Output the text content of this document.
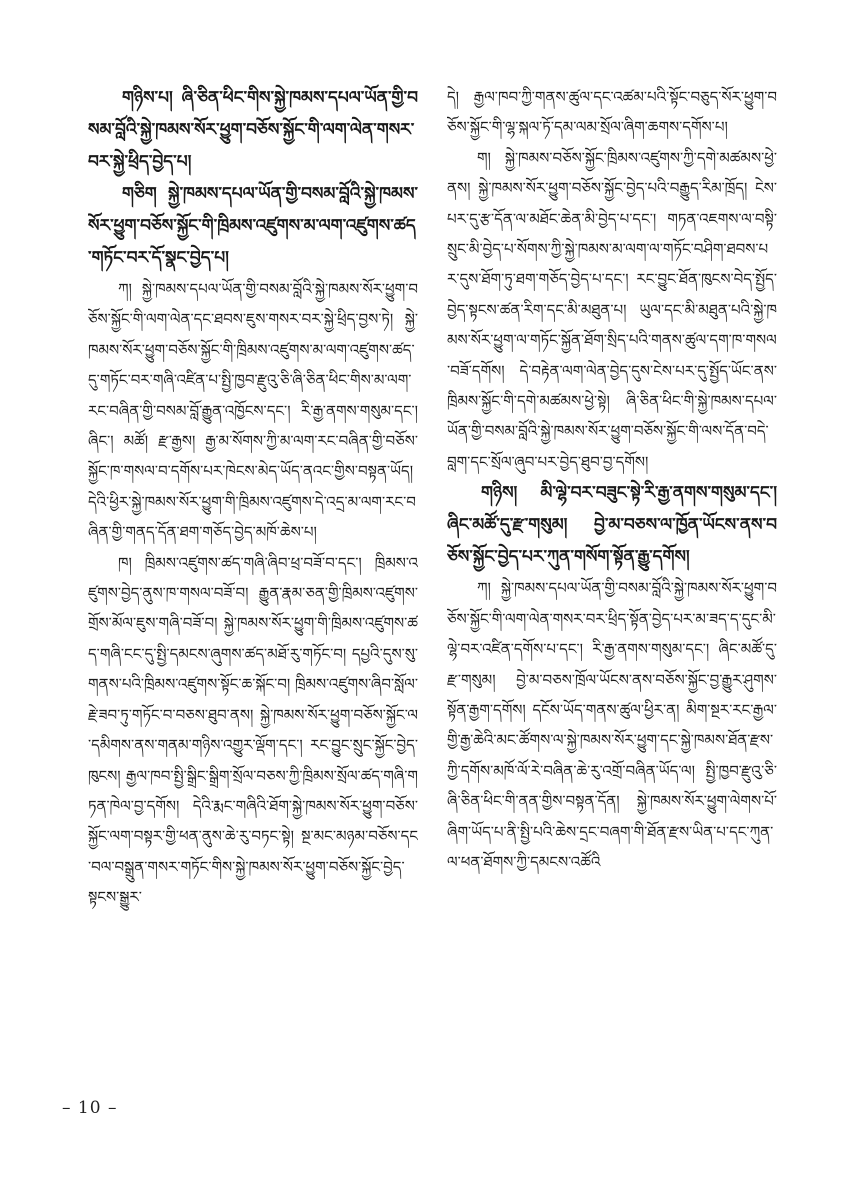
གཉིས་པ། ཞི་ཅིན་ཕིང་གིས་སྐྱེ་ཁམས་དཔལ་ཡོན་གྱི་བསམ་བློའི་སྐྱེ་ཁམས་སོར་ཕྱུག་བཅོས་སྐྱོང་གི་ལག་ལེན་གསར་བར་སྐྱེ་ཕྲིད་བྱེད་པ།

གཅིག སྐྱེ་ཁམས་དཔལ་ཡོན་གྱི་བསམ་བློའི་སྐྱེ་ཁམས་སོར་ཕྱུག་བཅོས་སྐྱོང་གི་ཁྲིམས་འཛུགས་མ་ལག་འཛུགས་ཚད་གཏོང་བར་དོ་སྣང་བྱེད་པ།

ཀ། སྐྱེ་ཁམས་དཔལ་ཡོན་གྱི་བསམ་བློའི་སྐྱེ་ཁམས་སོར་ཕྱུག་བཅོས་སྐྱོང་གི་ལག་ལེན་དང་ཐབས་ཇུས་གསར་བར་སྐྱེ་ཕྲིད་བྱས་ཏེ། སྐྱེ་ཁམས་སོར་ཕྱུག་བཅོས་སྐྱོང་གི་ཁྲིམས་འཛུགས་མ་ལག་འཛུགས་ཚད་དུ་གཏོང་བར་གཞི་འཛིན་པ་སྤྱི་ཁྱབ་རྫུའུ་ཅི་ཞི་ཅིན་ཕིང་གིས་མ་ལག་རང་བཞིན་གྱི་བསམ་བློ་རྒྱུན་འཁྱོངས་དང་། རི་རྒྱ་ནགས་གསུམ་དང་། ཞིང་། མཚོ། རྫ་རྒྱས། རྒྱ་མ་སོགས་ཀྱི་མ་ལག་རང་བཞིན་གྱི་བཅོས་སྐྱོང་ཁ་གསལ་བ་དགོས་པར་ཁེངས་མེད་ཡོད་ནའང་གྱིས་བསྟན་ཡོད། དེའི་ཕྱིར་སྐྱེ་ཁམས་སོར་ཕྱུག་གི་ཁྲིམས་འཛུགས་དེ་འདྲ་མ་ལག་རང་བཞིན་གྱི་གནད་དོན་ཐག་གཅོད་བྱེད་མཁོ་ཆེས་པ།

ཁ། ཁྲིམས་འཛུགས་ཚད་གཞི་ཞིབ་ཕྲ་བཟོ་བ་དང་། ཁྲིམས་འཛུགས་བྱེད་ནུས་ཁ་གསལ་བཟོ་བ། རྒྱུན་རྣམ་ཅན་གྱི་ཁྲིམས་འཛུགས་གྲོས་མོལ་ཇུས་གཞི་བཟོ་བ། སྐྱེ་ཁམས་སོར་ཕྱུག་གི་ཁྲིམས་འཛུགས་ཚད་གཞི་ངང་དུ་སྤྱི་དམངས་ཞུགས་ཚད་མཐོ་རུ་གཏོང་བ། དཔྱའི་དུས་སུ་གནས་པའི་ཁྲིམས་འཛུགས་སྟོང་ཆ་སྐོང་བ། ཁྲིམས་འཛུགས་ཞིབ་སློལ་རྗེ་ཟབ་ཏུ་གཏོང་བ་བཅས་ཐུབ་ནས། སྐྱེ་ཁམས་སོར་ཕྱུག་བཅོས་སྐྱོང་ལ་དམིགས་ནས་གནམ་གཉིས་འགྱུར་ལྡོག་དང་། རང་བྱུང་སྲུང་སྐྱོང་བྱེད་ཁུངས། རྒྱལ་ཁབ་སྤྱི་སྒྲིང་སྒྲིག་སྲོལ་བཅས་ཀྱི་ཁྲིམས་སྲོལ་ཚད་གཞི་གཏན་ཁེལ་བྱ་དགོས། དེའི་རྨང་གཞིའི་ཐོག་སྐྱེ་ཁམས་སོར་ཕྱུག་བཅོས་སྐྱོང་ལག་བསྟར་གྱི་ཕན་ནུས་ཆེ་རུ་བཏང་སྟེ། སྔ་མང་མཉམ་བཅོས་དང་བལ་བསྒྲུན་གསར་གཏོང་གིས་སྐྱེ་ཁམས་སོར་ཕྱུག་བཅོས་སྐྱོང་བྱེད་སྟངས་སྒྱུར་

དེ། རྒྱལ་ཁབ་ཀྱི་གནས་ཚུལ་དང་འཚམ་པའི་སྟོང་བཅུད་སོར་ཕྱུག་བཅོས་སྐྱོང་གི་ལྷ་སྐལ་ཏོ་དམ་ལམ་སྲོལ་ཞིག་ཆགས་དགོས་པ།

ག། སྐྱེ་ཁམས་བཅོས་སྐྱོང་ཁྲིམས་འཛུགས་ཀྱི་དགེ་མཚམས་ཕྱེ་ནས། སྐྱེ་ཁམས་སོར་ཕྱུག་བཅོས་སྐྱོང་བྱེད་པའི་བརྒྱུད་རིམ་ཁྲོད། ངེས་པར་དུ་རྩ་དོན་ལ་མཐོང་ཆེན་མི་བྱེད་པ་དང་། གཏན་འཇགས་ལ་བསྟི་སྲུང་མི་བྱེད་པ་སོགས་ཀྱི་སྐྱེ་ཁམས་མ་ལག་ལ་གཏོང་བཤིག་ཐབས་པར་དུས་ཐོག་ཏུ་ཐག་གཅོད་བྱེད་པ་དང་། རང་བྱུང་ཐོན་ཁུངས་བེད་སྤྱོད་བྱེད་སྟངས་ཚན་རིག་དང་མི་མཐུན་པ། ཡུལ་དང་མི་མཐུན་པའི་སྐྱེ་ཁམས་སོར་ཕྱུག་ལ་གཏོང་སྐྱོན་ཐོག་སྲིད་པའི་གནས་ཚུལ་དག་ཁ་གསལ་བཟོ་དགོས། དེ་བརྟེན་ལག་ལེན་བྱེད་དུས་ངེས་པར་དུ་སྤྱོད་ཡོང་ནས་ཁྲིམས་སྐྱོང་གི་དགེ་མཚམས་ཕྱེ་སྟེ། ཞི་ཅིན་ཕིང་གི་སྐྱེ་ཁམས་དཔལ་ཡོན་གྱི་བསམ་བློའི་སྐྱེ་ཁམས་སོར་ཕྱུག་བཅོས་སྐྱོང་གི་ལས་དོན་བདེ་བླག་དང་སྲོལ་ཞུབ་པར་བྱེད་ཐུབ་བྱ་དགོས།

གཉིས། མི་ལྷེ་བར་བཟུང་སྟེ་རི་རྒྱ་ནགས་གསུམ་དང་། ཞིང་མཚོ་དུ་རྫ་གསུམ། བྱེ་མ་བཅས་ལ་ཁྱོན་ཡོངས་ནས་བཅོས་སྐྱོང་བྱེད་པར་ཀུན་གསོག་སྟོན་རྒྱུ་དགོས།

ཀ། སྐྱེ་ཁམས་དཔལ་ཡོན་གྱི་བསམ་བློའི་སྐྱེ་ཁམས་སོར་ཕྱུག་བཅོས་སྐྱོང་གི་ལག་ལེན་གསར་བར་ཕྲིད་སྟོན་བྱེད་པར་མ་ཟད་ད་དུང་མི་ལྷེ་བར་འཛིན་དགོས་པ་དང་། རི་རྒྱ་ནགས་གསུམ་དང་། ཞིང་མཚོ་དུ་རྫ་གསུམ། བྱེ་མ་བཅས་ཁྲོལ་ཡོངས་ནས་བཅོས་སྐྱོང་བྱ་རྒྱུར་ཤུགས་སྟོན་རྒྱག་དགོས། དངོས་ཡོད་གནས་ཚུལ་ཕྱིར་ན། མིག་སྔར་རང་རྒྱལ་གྱི་རྒྱ་ཆེའི་མང་ཚོགས་ལ་སྐྱེ་ཁམས་སོར་ཕྱུག་དང་སྐྱེ་ཁམས་ཐོན་རྫས་ཀྱི་དགོས་མཁོ་ལོ་རེ་བཞིན་ཆེ་རུ་འགྲོ་བཞིན་ཡོད་ལ། སྤྱི་ཁྱབ་རྫུའུ་ཅི་ཞི་ཅིན་ཕིང་གི་ནན་གྱིས་བསྟན་དོན། སྐྱེ་ཁམས་སོར་ཕྱུག་ལེགས་པོ་ཞིག་ཡོད་པ་ནི་སྤྱི་པའི་ཆེས་དྲང་བཞག་གི་ཐོན་རྫས་ཡིན་པ་དང་ཀུན་ལ་ཕན་ཐོགས་ཀྱི་དམངས་འཚོའི

– 10 –
